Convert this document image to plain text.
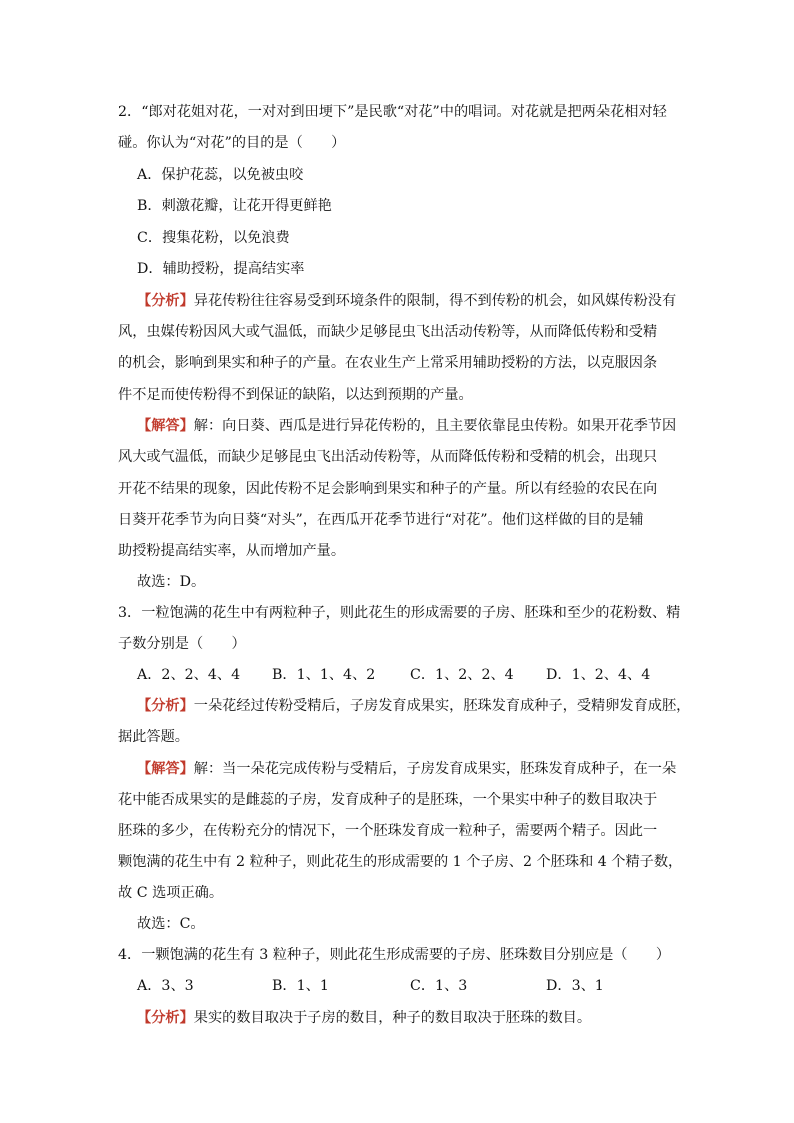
2．“郎对花姐对花，一对对到田埂下”是民歌“对花”中的唱词。对花就是把两朵花相对轻
碰。你认为“对花”的目的是（　　）
A．保护花蕊，以免被虫咬
B．刺激花瓣，让花开得更鲜艳
C．搜集花粉，以免浪费
D．辅助授粉，提高结实率
【分析】异花传粉往往容易受到环境条件的限制，得不到传粉的机会，如风媒传粉没有
风，虫媒传粉因风大或气温低，而缺少足够昆虫飞出活动传粉等，从而降低传粉和受精
的机会，影响到果实和种子的产量。在农业生产上常采用辅助授粉的方法，以克服因条
件不足而使传粉得不到保证的缺陷，以达到预期的产量。
【解答】解：向日葵、西瓜是进行异花传粉的，且主要依靠昆虫传粉。如果开花季节因
风大或气温低，而缺少足够昆虫飞出活动传粉等，从而降低传粉和受精的机会，出现只
开花不结果的现象，因此传粉不足会影响到果实和种子的产量。所以有经验的农民在向
日葵开花季节为向日葵“对头”，在西瓜开花季节进行“对花”。他们这样做的目的是辅
助授粉提高结实率，从而增加产量。
故选：D。
3．一粒饱满的花生中有两粒种子，则此花生的形成需要的子房、胚珠和至少的花粉数、精
子数分别是（　　）
A．2、2、4、4 B．1、1、4、2 C．1、2、2、4 D．1、2、4、4
【分析】一朵花经过传粉受精后，子房发育成果实，胚珠发育成种子，受精卵发育成胚，
据此答题。
【解答】解：当一朵花完成传粉与受精后，子房发育成果实，胚珠发育成种子，在一朵
花中能否成果实的是雌蕊的子房，发育成种子的是胚珠，一个果实中种子的数目取决于
胚珠的多少，在传粉充分的情况下，一个胚珠发育成一粒种子，需要两个精子。因此一
颗饱满的花生中有 2 粒种子，则此花生的形成需要的 1 个子房、2 个胚珠和 4 个精子数，
故 C 选项正确。
故选：C。
4．一颗饱满的花生有 3 粒种子，则此花生形成需要的子房、胚珠数目分别应是（　　）
A．3、3	B．1、1	C．1、3	D．3、1
【分析】果实的数目取决于子房的数目，种子的数目取决于胚珠的数目。
